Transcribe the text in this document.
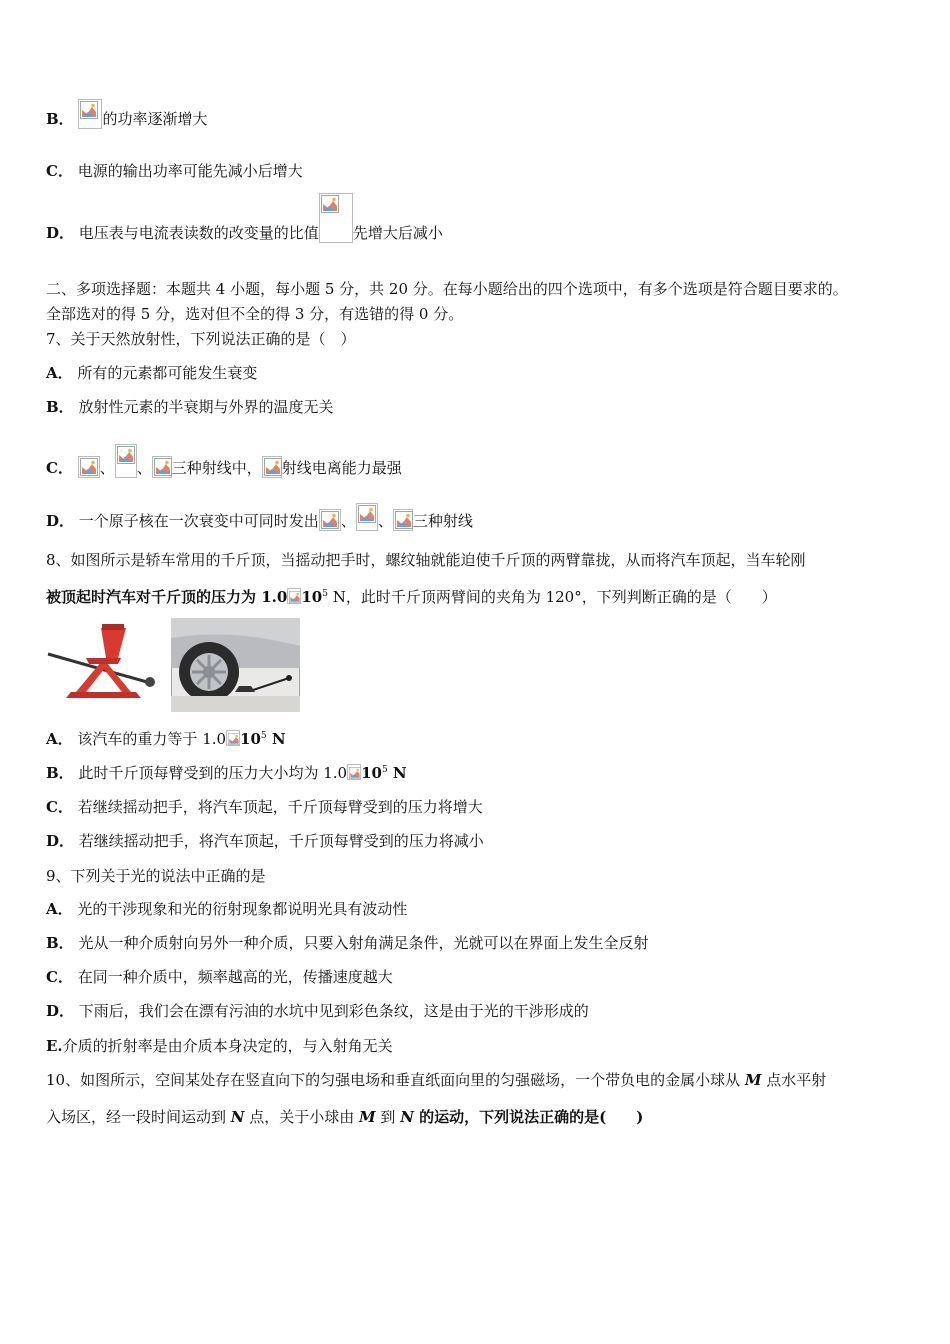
B． 的功率逐渐增大
C． 电源的输出功率可能先减小后增大
D． 电压表与电流表读数的改变量的比值 先增大后减小
二、多项选择题：本题共 4 小题，每小题 5 分，共 20 分。在每小题给出的四个选项中，有多个选项是符合题目要求的。
全部选对的得 5 分，选对但不全的得 3 分，有选错的得 0 分。
7、关于天然放射性，下列说法正确的是（　）
A． 所有的元素都可能发生衰变
B． 放射性元素的半衰期与外界的温度无关
C． 、 、 三种射线中， 射线电离能力最强
D． 一个原子核在一次衰变中可同时发出 、 、 三种射线
8、如图所示是轿车常用的千斤顶，当摇动把手时，螺纹轴就能迫使千斤顶的两臂靠拢，从而将汽车顶起，当车轮刚
被顶起时汽车对千斤顶的压力为 1.0 $10^5$ N，此时千斤顶两臂间的夹角为 120°，下列判断正确的是（　　）
A． 该汽车的重力等于 1.0 $10^5$ N
B． 此时千斤顶每臂受到的压力大小均为 1.0 $10^5$ N
C． 若继续摇动把手，将汽车顶起，千斤顶每臂受到的压力将增大
D． 若继续摇动把手，将汽车顶起，千斤顶每臂受到的压力将减小
9、下列关于光的说法中正确的是
A． 光的干涉现象和光的衍射现象都说明光具有波动性
B． 光从一种介质射向另外一种介质，只要入射角满足条件，光就可以在界面上发生全反射
C． 在同一种介质中，频率越高的光，传播速度越大
D． 下雨后，我们会在漂有污油的水坑中见到彩色条纹，这是由于光的干涉形成的
E.介质的折射率是由介质本身决定的，与入射角无关
10、如图所示，空间某处存在竖直向下的匀强电场和垂直纸面向里的匀强磁场，一个带负电的金属小球从 M 点水平射
入场区，经一段时间运动到 N 点，关于小球由 M 到 N 的运动，下列说法正确的是(　　)
